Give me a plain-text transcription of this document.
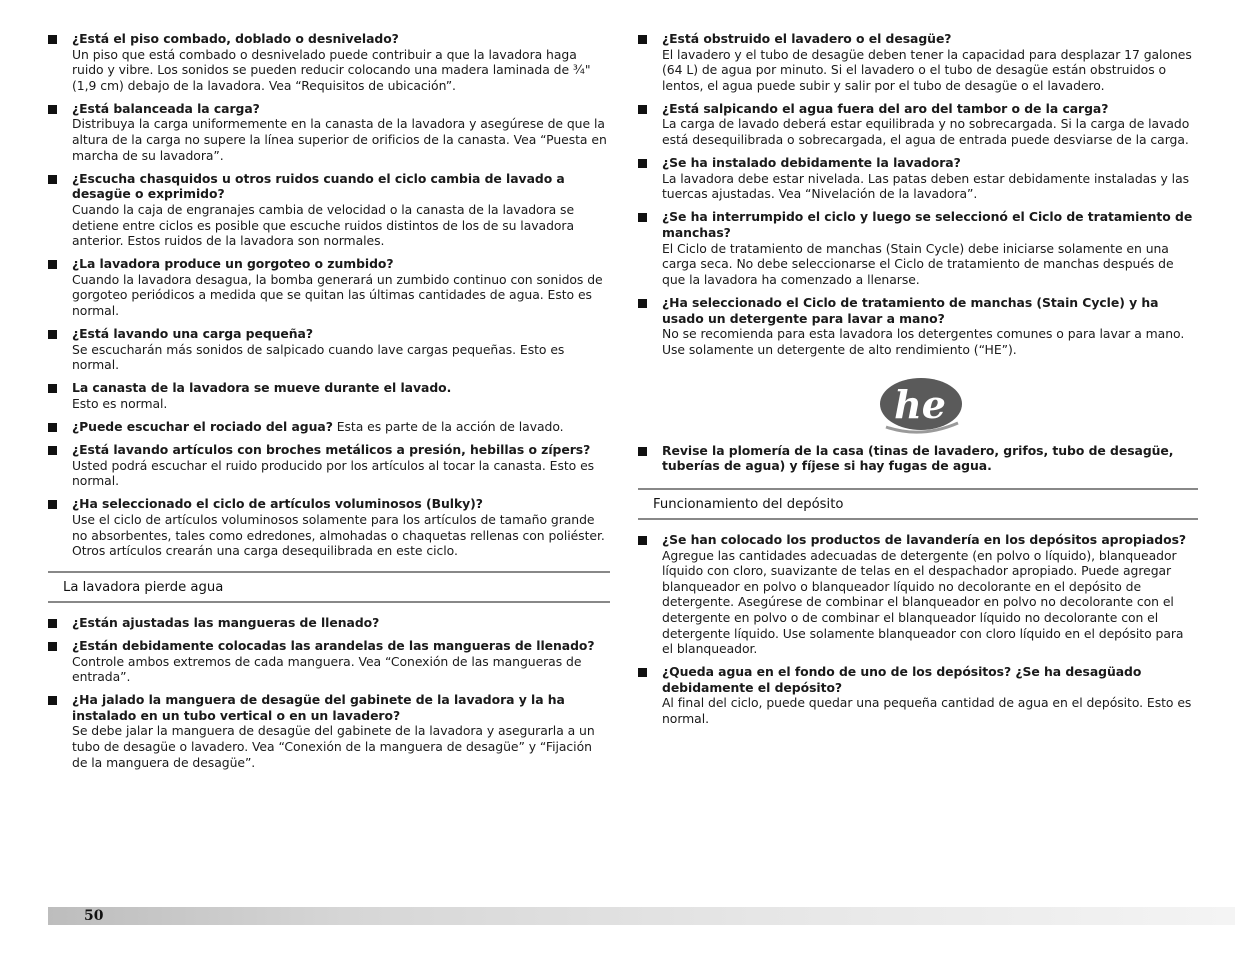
¿Está el piso combado, doblado o desnivelado?
Un piso que está combado o desnivelado puede contribuir a que la lavadora haga ruido y vibre. Los sonidos se pueden reducir colocando una madera laminada de ¾" (1,9 cm) debajo de la lavadora. Vea “Requisitos de ubicación”.
¿Está balanceada la carga?
Distribuya la carga uniformemente en la canasta de la lavadora y asegúrese de que la altura de la carga no supere la línea superior de orificios de la canasta. Vea “Puesta en marcha de su lavadora”.
¿Escucha chasquidos u otros ruidos cuando el ciclo cambia de lavado a desagüe o exprimido?
Cuando la caja de engranajes cambia de velocidad o la canasta de la lavadora se detiene entre ciclos es posible que escuche ruidos distintos de los de su lavadora anterior. Estos ruidos de la lavadora son normales.
¿La lavadora produce un gorgoteo o zumbido?
Cuando la lavadora desagua, la bomba generará un zumbido continuo con sonidos de gorgoteo periódicos a medida que se quitan las últimas cantidades de agua. Esto es normal.
¿Está lavando una carga pequeña?
Se escucharán más sonidos de salpicado cuando lave cargas pequeñas. Esto es normal.
La canasta de la lavadora se mueve durante el lavado.
Esto es normal.
¿Puede escuchar el rociado del agua? Esta es parte de la acción de lavado.
¿Está lavando artículos con broches metálicos a presión, hebillas o zípers?
Usted podrá escuchar el ruido producido por los artículos al tocar la canasta. Esto es normal.
¿Ha seleccionado el ciclo de artículos voluminosos (Bulky)?
Use el ciclo de artículos voluminosos solamente para los artículos de tamaño grande no absorbentes, tales como edredones, almohadas o chaquetas rellenas con poliéster. Otros artículos crearán una carga desequilibrada en este ciclo.
La lavadora pierde agua
¿Están ajustadas las mangueras de llenado?
¿Están debidamente colocadas las arandelas de las mangueras de llenado?
Controle ambos extremos de cada manguera. Vea “Conexión de las mangueras de entrada”.
¿Ha jalado la manguera de desagüe del gabinete de la lavadora y la ha instalado en un tubo vertical o en un lavadero?
Se debe jalar la manguera de desagüe del gabinete de la lavadora y asegurarla a un tubo de desagüe o lavadero. Vea “Conexión de la manguera de desagüe” y “Fijación de la manguera de desagüe”.
¿Está obstruido el lavadero o el desagüe?
El lavadero y el tubo de desagüe deben tener la capacidad para desplazar 17 galones (64 L) de agua por minuto. Si el lavadero o el tubo de desagüe están obstruidos o lentos, el agua puede subir y salir por el tubo de desagüe o el lavadero.
¿Está salpicando el agua fuera del aro del tambor o de la carga?
La carga de lavado deberá estar equilibrada y no sobrecargada. Si la carga de lavado está desequilibrada o sobrecargada, el agua de entrada puede desviarse de la carga.
¿Se ha instalado debidamente la lavadora?
La lavadora debe estar nivelada. Las patas deben estar debidamente instaladas y las tuercas ajustadas. Vea “Nivelación de la lavadora”.
¿Se ha interrumpido el ciclo y luego se seleccionó el Ciclo de tratamiento de manchas?
El Ciclo de tratamiento de manchas (Stain Cycle) debe iniciarse solamente en una carga seca. No debe seleccionarse el Ciclo de tratamiento de manchas después de que la lavadora ha comenzado a llenarse.
¿Ha seleccionado el Ciclo de tratamiento de manchas (Stain Cycle) y ha usado un detergente para lavar a mano?
No se recomienda para esta lavadora los detergentes comunes o para lavar a mano. Use solamente un detergente de alto rendimiento (“HE”).
he
Revise la plomería de la casa (tinas de lavadero, grifos, tubo de desagüe, tuberías de agua) y fíjese si hay fugas de agua.
Funcionamiento del depósito
¿Se han colocado los productos de lavandería en los depósitos apropiados?
Agregue las cantidades adecuadas de detergente (en polvo o líquido), blanqueador líquido con cloro, suavizante de telas en el despachador apropiado. Puede agregar blanqueador en polvo o blanqueador líquido no decolorante en el depósito de detergente. Asegúrese de combinar el blanqueador en polvo no decolorante con el detergente en polvo o de combinar el blanqueador líquido no decolorante con el detergente líquido. Use solamente blanqueador con cloro líquido en el depósito para el blanqueador.
¿Queda agua en el fondo de uno de los depósitos? ¿Se ha desagüado debidamente el depósito?
Al final del ciclo, puede quedar una pequeña cantidad de agua en el depósito. Esto es normal.
50
